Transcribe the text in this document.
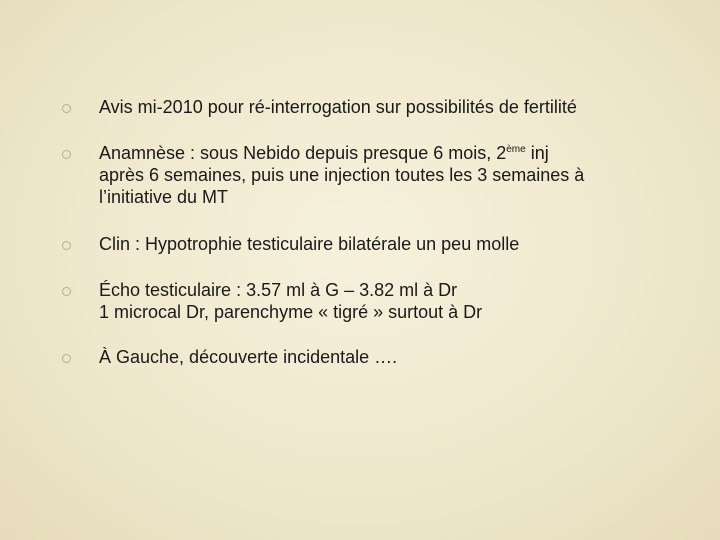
Avis mi-2010 pour ré-interrogation sur possibilités de fertilité
Anamnèse : sous Nebido depuis presque 6 mois, 2ème inj
après 6 semaines, puis une injection toutes les 3 semaines à
l’initiative du MT
Clin : Hypotrophie testiculaire bilatérale un peu molle
Écho testiculaire : 3.57 ml à G – 3.82 ml à Dr
1 microcal Dr, parenchyme « tigré » surtout à Dr
À Gauche, découverte incidentale ….
